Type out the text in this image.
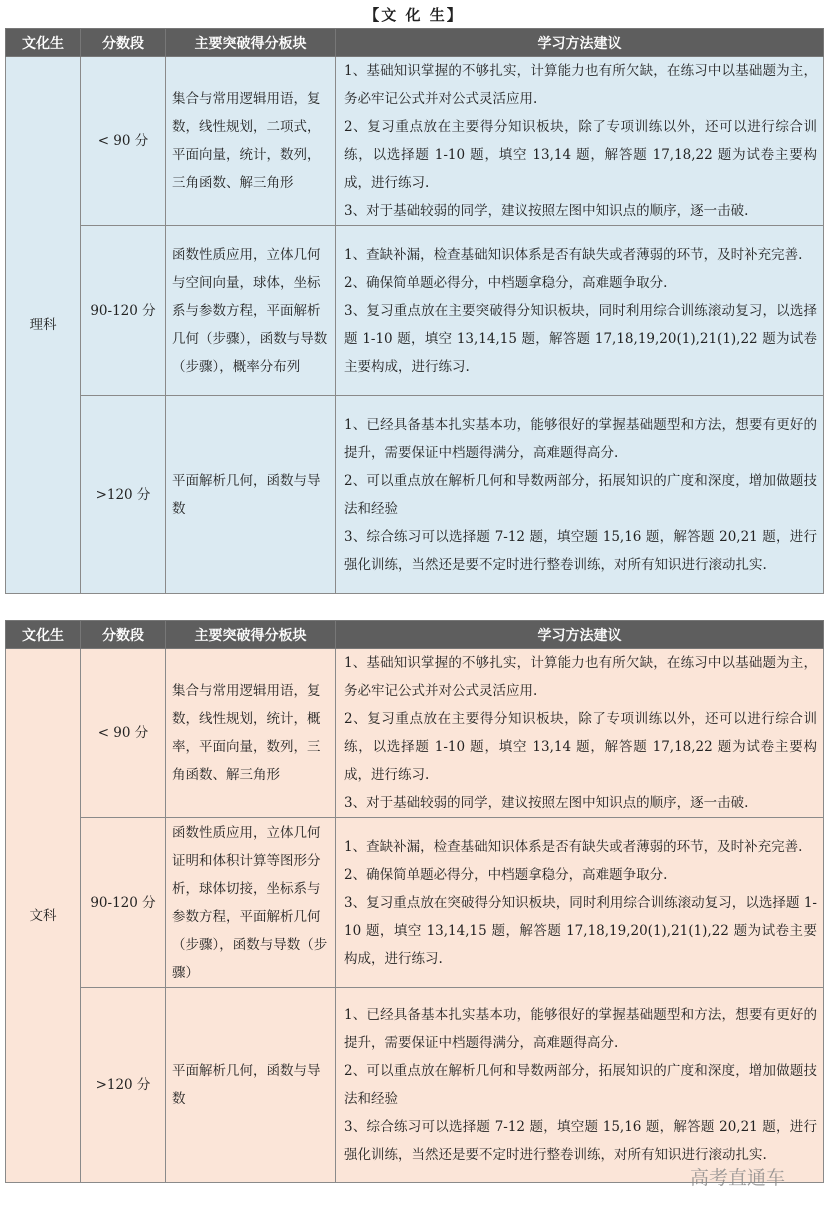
【文 化 生】
文化生	分数段	主要突破得分板块	学习方法建议
理科	< 90 分	集合与常用逻辑用语，复数，线性规划，二项式，平面向量，统计，数列，三角函数、解三角形	1、基础知识掌握的不够扎实，计算能力也有所欠缺，在练习中以基础题为主，务必牢记公式并对公式灵活应用.

2、复习重点放在主要得分知识板块，除了专项训练以外，还可以进行综合训练，以选择题 1-10 题，填空 13,14 题，解答题 17,18,22 题为试卷主要构成，进行练习.

3、对于基础较弱的同学，建议按照左图中知识点的顺序，逐一击破.

	90-120 分	函数性质应用，立体几何与空间向量，球体，坐标系与参数方程，平面解析几何（步骤），函数与导数（步骤），概率分布列	1、查缺补漏，检查基础知识体系是否有缺失或者薄弱的环节，及时补充完善.

2、确保简单题必得分，中档题拿稳分，高难题争取分.

3、复习重点放在主要突破得分知识板块，同时利用综合训练滚动复习，以选择题 1-10 题，填空 13,14,15 题，解答题 17,18,19,20(1),21(1),22 题为试卷主要构成，进行练习.

	>120 分	平面解析几何，函数与导数	1、已经具备基本扎实基本功，能够很好的掌握基础题型和方法，想要有更好的提升，需要保证中档题得满分，高难题得高分.

2、可以重点放在解析几何和导数两部分，拓展知识的广度和深度，增加做题技法和经验

3、综合练习可以选择题 7-12 题，填空题 15,16 题，解答题 20,21 题，进行强化训练，当然还是要不定时进行整卷训练，对所有知识进行滚动扎实.

文化生	分数段	主要突破得分板块	学习方法建议
文科	< 90 分	集合与常用逻辑用语，复数，线性规划，统计，概率，平面向量，数列，三角函数、解三角形	1、基础知识掌握的不够扎实，计算能力也有所欠缺，在练习中以基础题为主，务必牢记公式并对公式灵活应用.

2、复习重点放在主要得分知识板块，除了专项训练以外，还可以进行综合训练，以选择题 1-10 题，填空 13,14 题，解答题 17,18,22 题为试卷主要构成，进行练习.

3、对于基础较弱的同学，建议按照左图中知识点的顺序，逐一击破.

	90-120 分	函数性质应用，立体几何证明和体积计算等图形分析，球体切接，坐标系与参数方程，平面解析几何（步骤），函数与导数（步骤）	1、查缺补漏，检查基础知识体系是否有缺失或者薄弱的环节，及时补充完善.

2、确保简单题必得分，中档题拿稳分，高难题争取分.

3、复习重点放在突破得分知识板块，同时利用综合训练滚动复习，以选择题 1-10 题，填空 13,14,15 题，解答题 17,18,19,20(1),21(1),22 题为试卷主要构成，进行练习.

	>120 分	平面解析几何，函数与导数	1、已经具备基本扎实基本功，能够很好的掌握基础题型和方法，想要有更好的提升，需要保证中档题得满分，高难题得高分.

2、可以重点放在解析几何和导数两部分，拓展知识的广度和深度，增加做题技法和经验

3、综合练习可以选择题 7-12 题，填空题 15,16 题，解答题 20,21 题，进行强化训练，当然还是要不定时进行整卷训练，对所有知识进行滚动扎实.

高考直通车
